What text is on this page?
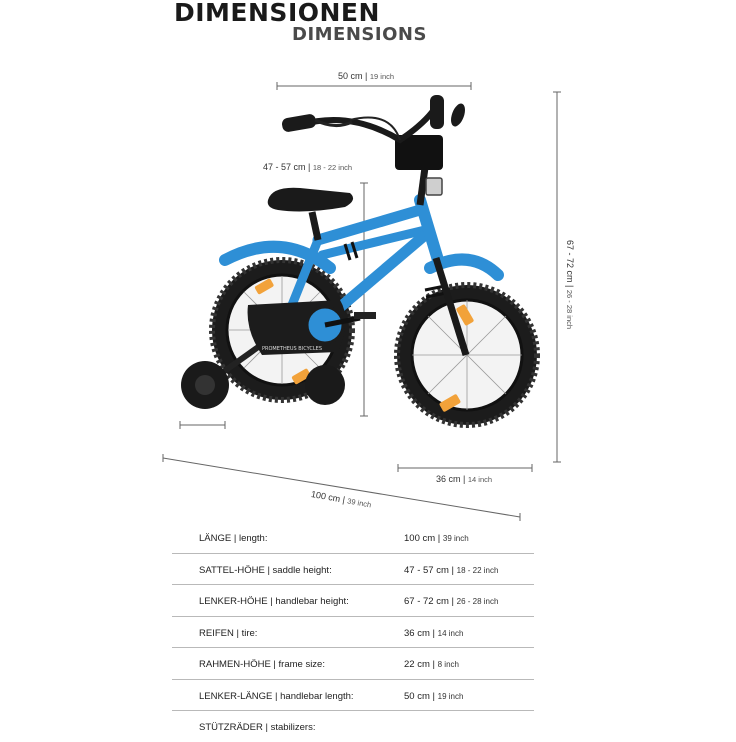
DIMENSIONEN
DIMENSIONS
PROMETHEUS BICYCLES
50 cm | 19 inch
47 - 57 cm | 18 - 22 inch
67 - 72 cm | 26 - 28 inch
36 cm | 14 inch
100 cm | 39 inch
LÄNGE | length:	100 cm | 39 inch
SATTEL-HÖHE | saddle height:	47 - 57 cm | 18 - 22 inch
LENKER-HÖHE | handlebar height:	67 - 72 cm | 26 - 28 inch
REIFEN | tire:	36 cm | 14 inch
RAHMEN-HÖHE | frame size:	22 cm | 8 inch
LENKER-LÄNGE | handlebar length:	50 cm | 19 inch
STÜTZRÄDER | stabilizers:
